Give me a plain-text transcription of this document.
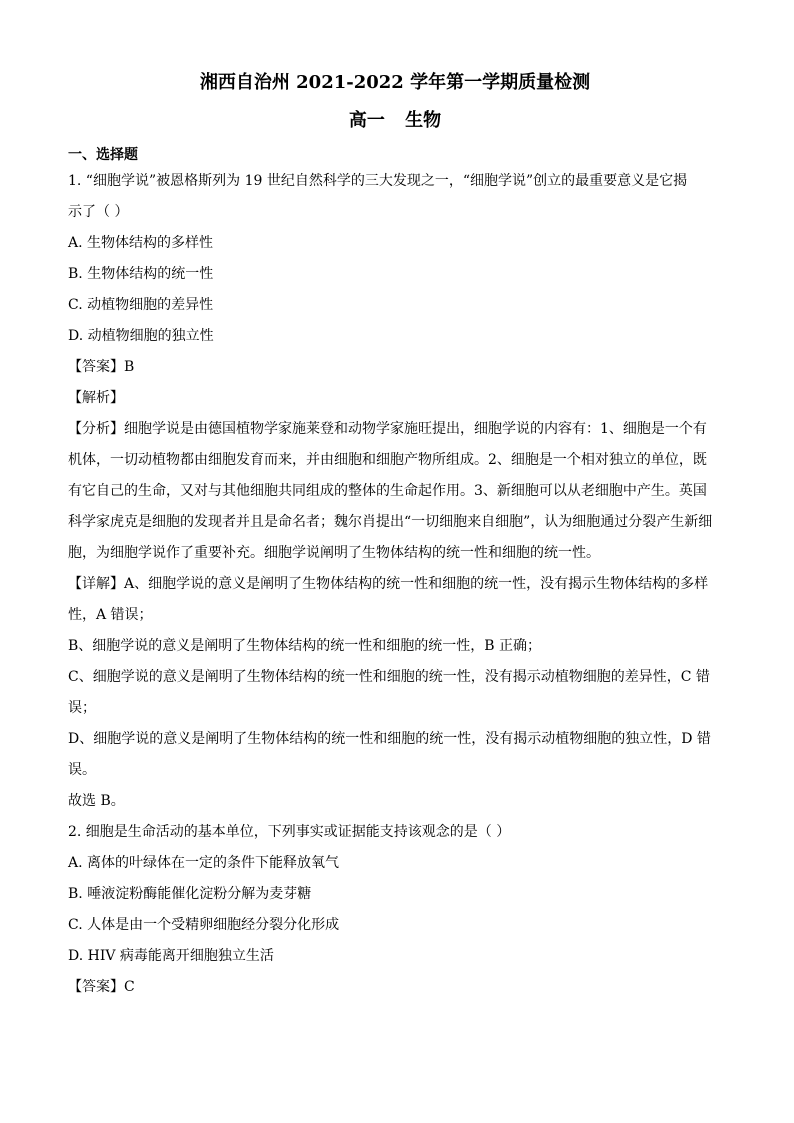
湘西自治州 2021-2022 学年第一学期质量检测
高一 生物

一、选择题

1. “细胞学说”被恩格斯列为 19 世纪自然科学的三大发现之一，“细胞学说”创立的最重要意义是它揭

示了（ ）

A. 生物体结构的多样性

B. 生物体结构的统一性

C. 动植物细胞的差异性

D. 动植物细胞的独立性

【答案】B

【解析】

【分析】细胞学说是由德国植物学家施莱登和动物学家施旺提出，细胞学说的内容有：1、细胞是一个有

机体，一切动植物都由细胞发育而来，并由细胞和细胞产物所组成。2、细胞是一个相对独立的单位，既

有它自己的生命，又对与其他细胞共同组成的整体的生命起作用。3、新细胞可以从老细胞中产生。英国

科学家虎克是细胞的发现者并且是命名者；魏尔肖提出“一切细胞来自细胞”，认为细胞通过分裂产生新细

胞，为细胞学说作了重要补充。细胞学说阐明了生物体结构的统一性和细胞的统一性。

【详解】A、细胞学说的意义是阐明了生物体结构的统一性和细胞的统一性，没有揭示生物体结构的多样

性，A 错误；

B、细胞学说的意义是阐明了生物体结构的统一性和细胞的统一性，B 正确；

C、细胞学说的意义是阐明了生物体结构的统一性和细胞的统一性，没有揭示动植物细胞的差异性，C 错

误；

D、细胞学说的意义是阐明了生物体结构的统一性和细胞的统一性，没有揭示动植物细胞的独立性，D 错

误。

故选 B。

2. 细胞是生命活动的基本单位，下列事实或证据能支持该观念的是（ ）

A. 离体的叶绿体在一定的条件下能释放氧气

B. 唾液淀粉酶能催化淀粉分解为麦芽糖

C. 人体是由一个受精卵细胞经分裂分化形成

D. HIV 病毒能离开细胞独立生活

【答案】C
